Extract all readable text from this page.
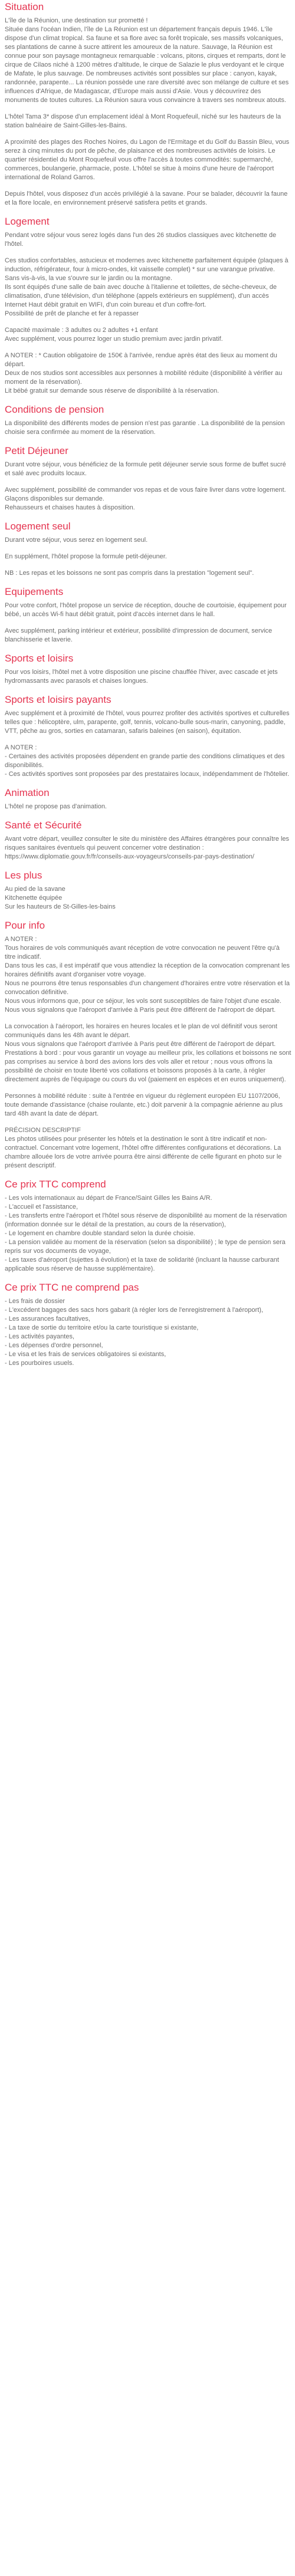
Situation

L'île de la Réunion, une destination sur prometté !
Située dans l'océan Indien, l'île de La Réunion est un département français depuis 1946. L'île dispose d'un climat tropical. Sa faune et sa flore avec sa forêt tropicale, ses massifs volcaniques, ses plantations de canne à sucre attirent les amoureux de la nature. Sauvage, la Réunion est connue pour son paysage montagneux remarquable : volcans, pitons, cirques et remparts, dont le cirque de Cilaos niché à 1200 mètres d'altitude, le cirque de Salazie le plus verdoyant et le cirque de Mafate, le plus sauvage. De nombreuses activités sont possibles sur place : canyon, kayak, randonnée, parapente... La réunion possède une rare diversité avec son mélange de culture et ses influences d'Afrique, de Madagascar, d'Europe mais aussi d'Asie. Vous y découvrirez des monuments de toutes cultures. La Réunion saura vous convaincre à travers ses nombreux atouts.

L'hôtel Tama 3* dispose d'un emplacement idéal à Mont Roquefeuil, niché sur les hauteurs de la station balnéaire de Saint-Gilles-les-Bains.

A proximité des plages des Roches Noires, du Lagon de l'Ermitage et du Golf du Bassin Bleu, vous serez à cinq minutes du port de pêche, de plaisance et des nombreuses activités de loisirs. Le quartier résidentiel du Mont Roquefeuil vous offre l'accès à toutes commodités: supermarché, commerces, boulangerie, pharmacie, poste. L'hôtel se situe à moins d'une heure de l'aéroport international de Roland Garros.

Depuis l'hôtel, vous disposez d'un accès privilégié à la savane. Pour se balader, découvrir la faune et la flore locale, en environnement préservé satisfera petits et grands.

Logement

Pendant votre séjour vous serez logés dans l'un des 26 studios classiques avec kitchenette de l'hôtel.

Ces studios confortables, astucieux et modernes avec kitchenette parfaitement équipée (plaques à induction, réfrigérateur, four à micro-ondes, kit vaisselle complet) * sur une varangue privative.
Sans vis-à-vis, la vue s'ouvre sur le jardin ou la montagne.
Ils sont équipés d'une salle de bain avec douche à l'italienne et toilettes, de sèche-cheveux, de climatisation, d'une télévision, d'un téléphone (appels extérieurs en supplément), d'un accès Internet Haut débit gratuit en WIFI, d'un coin bureau et d'un coffre-fort.
Possibilité de prêt de planche et fer à repasser

Capacité maximale : 3 adultes ou 2 adultes +1 enfant
Avec supplément, vous pourrez loger un studio premium avec jardin privatif.

A NOTER : * Caution obligatoire de 150€ à l'arrivée, rendue après état des lieux au moment du départ.
Deux de nos studios sont accessibles aux personnes à mobilité réduite (disponibilité à vérifier au moment de la réservation).
Lit bébé gratuit sur demande sous réserve de disponibilité à la réservation.

Conditions de pension

La disponibilité des différents modes de pension n'est pas garantie . La disponibilité de la pension choisie sera confirmée au moment de la réservation.

Petit Déjeuner

Durant votre séjour, vous bénéficiez de la formule petit déjeuner servie sous forme de buffet sucré et salé avec produits locaux.

Avec supplément, possibilité de commander vos repas et de vous faire livrer dans votre logement.
Glaçons disponibles sur demande.
Rehausseurs et chaises hautes à disposition.

Logement seul

Durant votre séjour, vous serez en logement seul.

En supplément, l'hôtel propose la formule petit-déjeuner.

NB : Les repas et les boissons ne sont pas compris dans la prestation "logement seul".

Equipements

Pour votre confort, l'hôtel propose un service de réception, douche de courtoisie, équipement pour bébé, un accès Wi-fi haut débit gratuit, point d'accès internet dans le hall.

Avec supplément, parking intérieur et extérieur, possibilité d'impression de document, service blanchisserie et laverie.

Sports et loisirs

Pour vos loisirs, l'hôtel met à votre disposition une piscine chauffée l'hiver, avec cascade et jets hydromassants avec parasols et chaises longues.

Sports et loisirs payants

Avec supplément et à proximité de l'hôtel, vous pourrez profiter des activités sportives et culturelles telles que : hélicoptère, ulm, parapente, golf, tennis, volcano-bulle sous-marin, canyoning, paddle, VTT, pêche au gros, sorties en catamaran, safaris baleines (en saison), équitation.

A NOTER :
- Certaines des activités proposées dépendent en grande partie des conditions climatiques et des disponibilités.
- Ces activités sportives sont proposées par des prestataires locaux, indépendamment de l'hôtelier.

Animation

L'hôtel ne propose pas d'animation.

Santé et Sécurité

Avant votre départ, veuillez consulter le site du ministère des Affaires étrangères pour connaître les risques sanitaires éventuels qui peuvent concerner votre destination : https://www.diplomatie.gouv.fr/fr/conseils-aux-voyageurs/conseils-par-pays-destination/

Les plus

Au pied de la savane
Kitchenette équipée
Sur les hauteurs de St-Gilles-les-bains

Pour info

A NOTER :
Tous horaires de vols communiqués avant réception de votre convocation ne peuvent l'être qu'à titre indicatif.
Dans tous les cas, il est impératif que vous attendiez la réception de la convocation comprenant les horaires définitifs avant d'organiser votre voyage.
Nous ne pourrons être tenus responsables d'un changement d'horaires entre votre réservation et la convocation définitive.
Nous vous informons que, pour ce séjour, les vols sont susceptibles de faire l'objet d'une escale.
Nous vous signalons que l'aéroport d'arrivée à Paris peut être différent de l'aéroport de départ.

La convocation à l'aéroport, les horaires en heures locales et le plan de vol définitif vous seront communiqués dans les 48h avant le départ.
Nous vous signalons que l'aéroport d'arrivée à Paris peut être différent de l'aéroport de départ.
Prestations à bord : pour vous garantir un voyage au meilleur prix, les collations et boissons ne sont pas comprises au service à bord des avions lors des vols aller et retour ; nous vous offrons la possibilité de choisir en toute liberté vos collations et boissons proposés à la carte, à régler directement auprès de l'équipage ou cours du vol (paiement en espèces et en euros uniquement).

Personnes à mobilité réduite : suite à l'entrée en vigueur du règlement européen EU 1107/2006, toute demande d'assistance (chaise roulante, etc.) doit parvenir à la compagnie aérienne au plus tard 48h avant la date de départ.

PRÉCISION DESCRIPTIF
Les photos utilisées pour présenter les hôtels et la destination le sont à titre indicatif et non-contractuel. Concernant votre logement, l'hôtel offre différentes configurations et décorations. La chambre allouée lors de votre arrivée pourra être ainsi différente de celle figurant en photo sur le présent descriptif.

Ce prix TTC comprend

- Les vols internationaux au départ de France/Saint Gilles les Bains A/R.
- L'accueil et l'assistance,
- Les transferts entre l'aéroport et l'hôtel sous réserve de disponibilité au moment de la réservation (information donnée sur le détail de la prestation, au cours de la réservation),
- Le logement en chambre double standard selon la durée choisie.
- La pension validée au moment de la réservation (selon sa disponibilité) ; le type de pension sera repris sur vos documents de voyage,
- Les taxes d'aéroport (sujettes à évolution) et la taxe de solidarité (incluant la hausse carburant applicable sous réserve de hausse supplémentaire).

Ce prix TTC ne comprend pas

- Les frais de dossier
- L'excédent bagages des sacs hors gabarit (à régler lors de l'enregistrement à l'aéroport),
- Les assurances facultatives,
- La taxe de sortie du territoire et/ou la carte touristique si existante,
- Les activités payantes,
- Les dépenses d'ordre personnel,
- Le visa et les frais de services obligatoires si existants,
- Les pourboires usuels.
